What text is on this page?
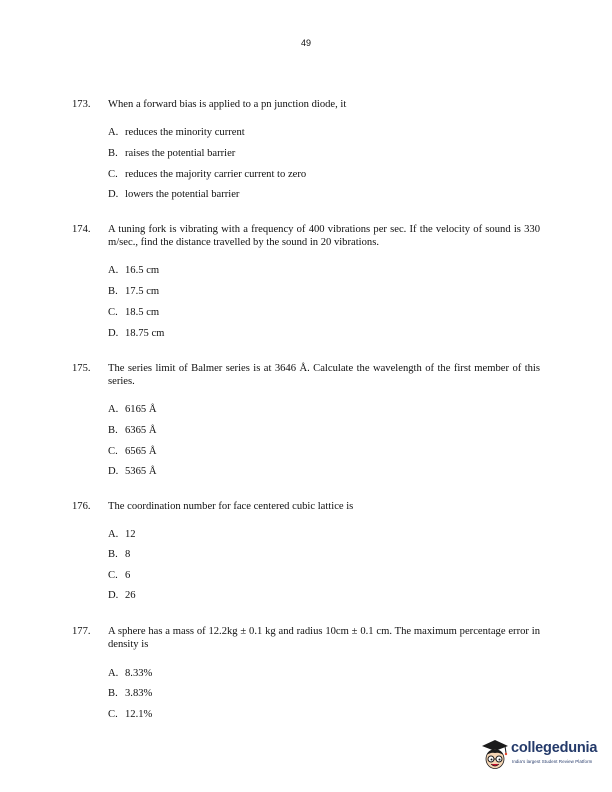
49
173. When a forward bias is applied to a pn junction diode, it
A. reduces the minority current
B. raises the potential barrier
C. reduces the majority carrier current to zero
D. lowers the potential barrier
174. A tuning fork is vibrating with a frequency of 400 vibrations per sec. If the velocity of sound is 330 m/sec., find the distance travelled by the sound in 20 vibrations.
A. 16.5 cm
B. 17.5 cm
C. 18.5 cm
D. 18.75 cm
175. The series limit of Balmer series is at 3646 Å. Calculate the wavelength of the first member of this series.
A. 6165 Å
B. 6365 Å
C. 6565 Å
D. 5365 Å
176. The coordination number for face centered cubic lattice is
A. 12
B. 8
C. 6
D. 26
177. A sphere has a mass of 12.2kg ± 0.1 kg and radius 10cm ± 0.1 cm. The maximum percentage error in density is
A. 8.33%
B. 3.83%
C. 12.1%
collegedunia
India's largest Student Review Platform
